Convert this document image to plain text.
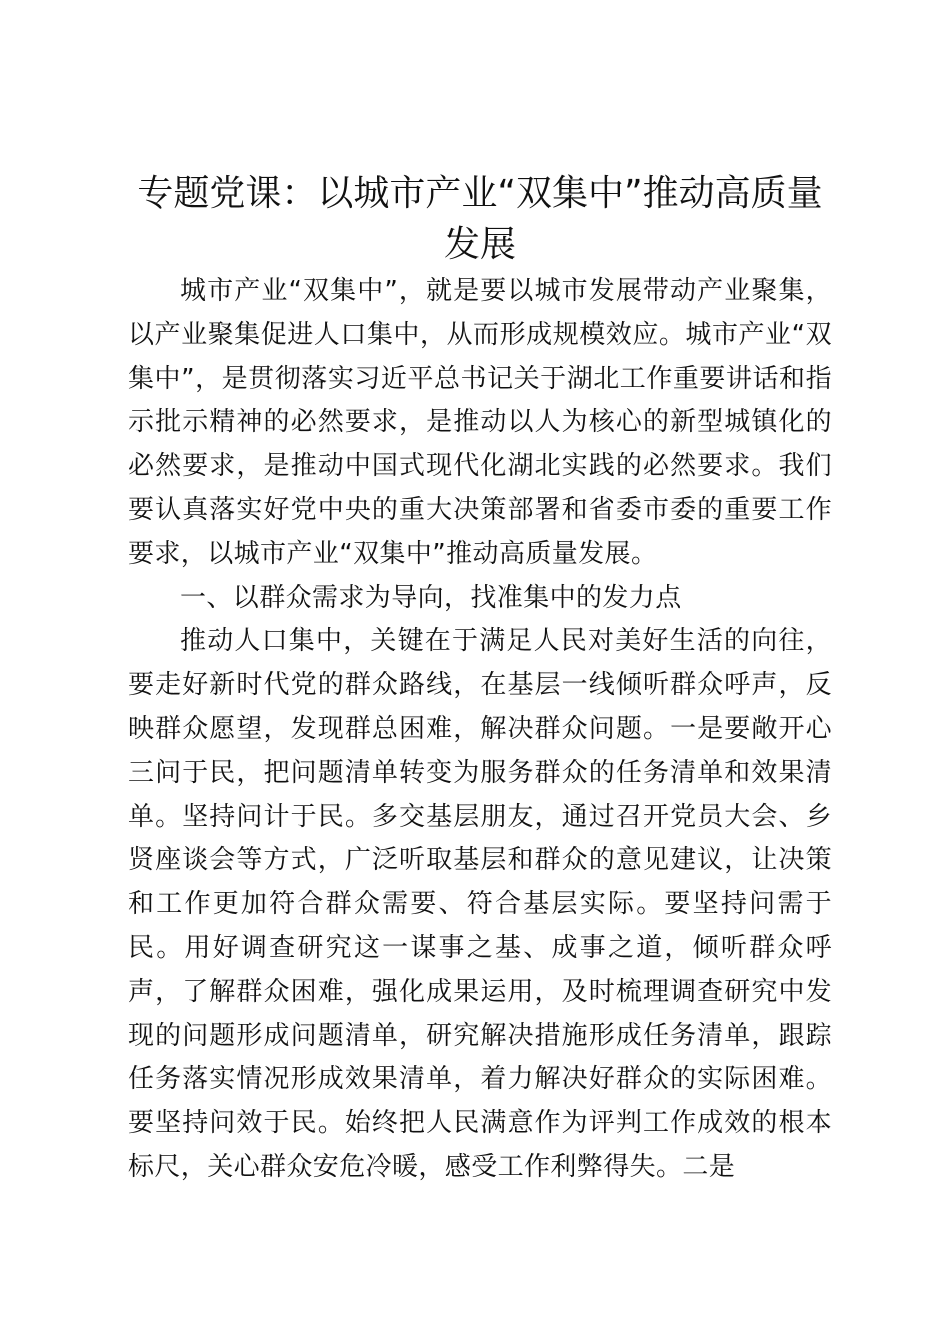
专题党课：以城市产业“双集中”推动高质量发展

城市产业“双集中”，就是要以城市发展带动产业聚集，以产业聚集促进人口集中，从而形成规模效应。城市产业“双集中”，是贯彻落实习近平总书记关于湖北工作重要讲话和指示批示精神的必然要求，是推动以人为核心的新型城镇化的必然要求，是推动中国式现代化湖北实践的必然要求。我们要认真落实好党中央的重大决策部署和省委市委的重要工作要求，以城市产业“双集中”推动高质量发展。

一、以群众需求为导向，找准集中的发力点

推动人口集中，关键在于满足人民对美好生活的向往，要走好新时代党的群众路线，在基层一线倾听群众呼声，反映群众愿望，发现群总困难，解决群众问题。一是要敞开心三问于民，把问题清单转变为服务群众的任务清单和效果清单。坚持问计于民。多交基层朋友，通过召开党员大会、乡贤座谈会等方式，广泛听取基层和群众的意见建议，让决策和工作更加符合群众需要、符合基层实际。要坚持问需于民。用好调查研究这一谋事之基、成事之道，倾听群众呼声，了解群众困难，强化成果运用，及时梳理调查研究中发现的问题形成问题清单，研究解决措施形成任务清单，跟踪任务落实情况形成效果清单，着力解决好群众的实际困难。要坚持问效于民。始终把人民满意作为评判工作成效的根本标尺，关心群众安危冷暖，感受工作利弊得失。二是
